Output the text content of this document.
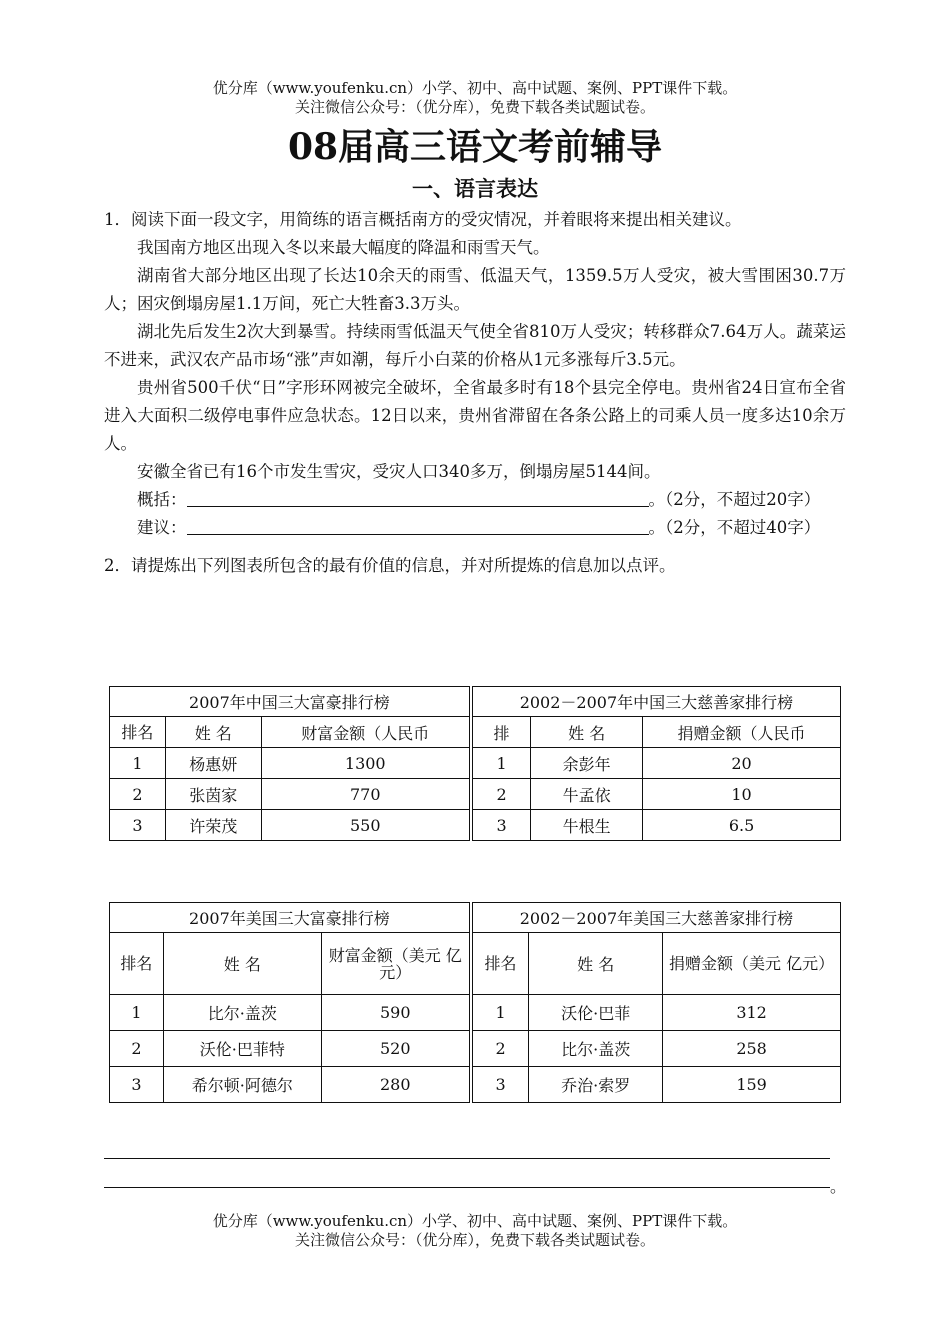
优分库（www.youfenku.cn）小学、初中、高中试题、案例、PPT课件下载。
关注微信公众号：（优分库），免费下载各类试题试卷。
08届高三语文考前辅导
一、语言表达

1．阅读下面一段文字，用简练的语言概括南方的受灾情况，并着眼将来提出相关建议。

我国南方地区出现入冬以来最大幅度的降温和雨雪天气。

湖南省大部分地区出现了长达10余天的雨雪、低温天气，1359.5万人受灾，被大雪围困30.7万人；困灾倒塌房屋1.1万间，死亡大牲畜3.3万头。

湖北先后发生2次大到暴雪。持续雨雪低温天气使全省810万人受灾；转移群众7.64万人。蔬菜运不进来，武汉农产品市场“涨”声如潮，每斤小白菜的价格从1元多涨每斤3.5元。

贵州省500千伏“日”字形环网被完全破坏，全省最多时有18个县完全停电。贵州省24日宣布全省进入大面积二级停电事件应急状态。12日以来，贵州省滞留在各条公路上的司乘人员一度多达10余万人。

安徽全省已有16个市发生雪灾，受灾人口340多万，倒塌房屋5144间。

概括：	。（2分，不超过20字）

建议：	。（2分，不超过40字）

2．请提炼出下列图表所包含的最有价值的信息，并对所提炼的信息加以点评。

2007年中国三大富豪排行榜			2002－2007年中国三大慈善家排行榜		
排名	姓 名	财富金额（人民币	排	姓 名	捐赠金额（人民币
1	杨惠妍	1300	1	余彭年	20
2	张茵家	770	2	牛孟依	10
3	许荣茂	550	3	牛根生	6.5
2007年美国三大富豪排行榜			2002－2007年美国三大慈善家排行榜		
排名	姓 名	财富金额（美元 亿元）	排名	姓 名	捐赠金额（美元 亿元）
1	比尔·盖茨	590	1	沃伦·巴菲	312
2	沃伦·巴菲特	520	2	比尔·盖茨	258
3	希尔顿·阿德尔	280	3	乔治·索罗	159
。
优分库（www.youfenku.cn）小学、初中、高中试题、案例、PPT课件下载。
关注微信公众号：（优分库），免费下载各类试题试卷。
